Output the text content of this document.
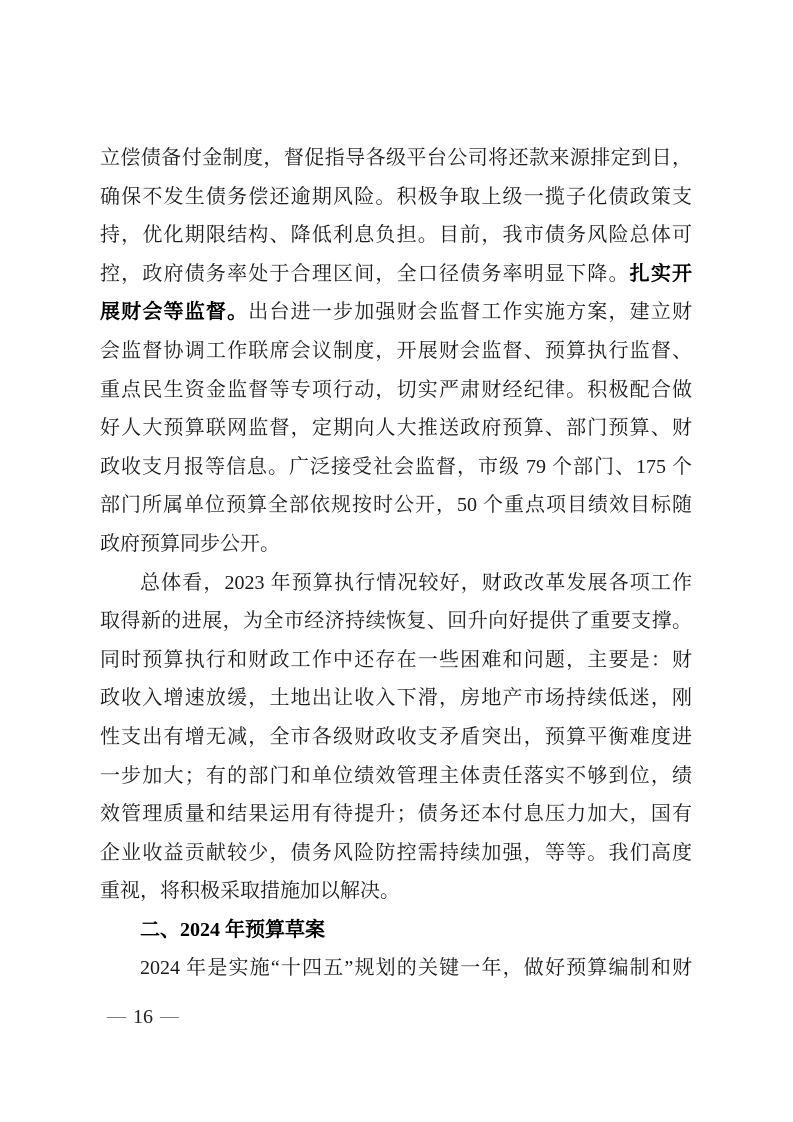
立偿债备付金制度，督促指导各级平台公司将还款来源排定到日，
确保不发生债务偿还逾期风险。积极争取上级一揽子化债政策支
持，优化期限结构、降低利息负担。目前，我市债务风险总体可
控，政府债务率处于合理区间，全口径债务率明显下降。扎实开
展财会等监督。出台进一步加强财会监督工作实施方案，建立财
会监督协调工作联席会议制度，开展财会监督、预算执行监督、
重点民生资金监督等专项行动，切实严肃财经纪律。积极配合做
好人大预算联网监督，定期向人大推送政府预算、部门预算、财
政收支月报等信息。广泛接受社会监督，市级 79 个部门、175 个
部门所属单位预算全部依规按时公开，50 个重点项目绩效目标随
政府预算同步公开。
总体看，2023 年预算执行情况较好，财政改革发展各项工作
取得新的进展，为全市经济持续恢复、回升向好提供了重要支撑。
同时预算执行和财政工作中还存在一些困难和问题，主要是：财
政收入增速放缓，土地出让收入下滑，房地产市场持续低迷，刚
性支出有增无减，全市各级财政收支矛盾突出，预算平衡难度进
一步加大；有的部门和单位绩效管理主体责任落实不够到位，绩
效管理质量和结果运用有待提升；债务还本付息压力加大，国有
企业收益贡献较少，债务风险防控需持续加强，等等。我们高度
重视，将积极采取措施加以解决。
二、2024 年预算草案
2024 年是实施“十四五”规划的关键一年，做好预算编制和财
— 16 —
